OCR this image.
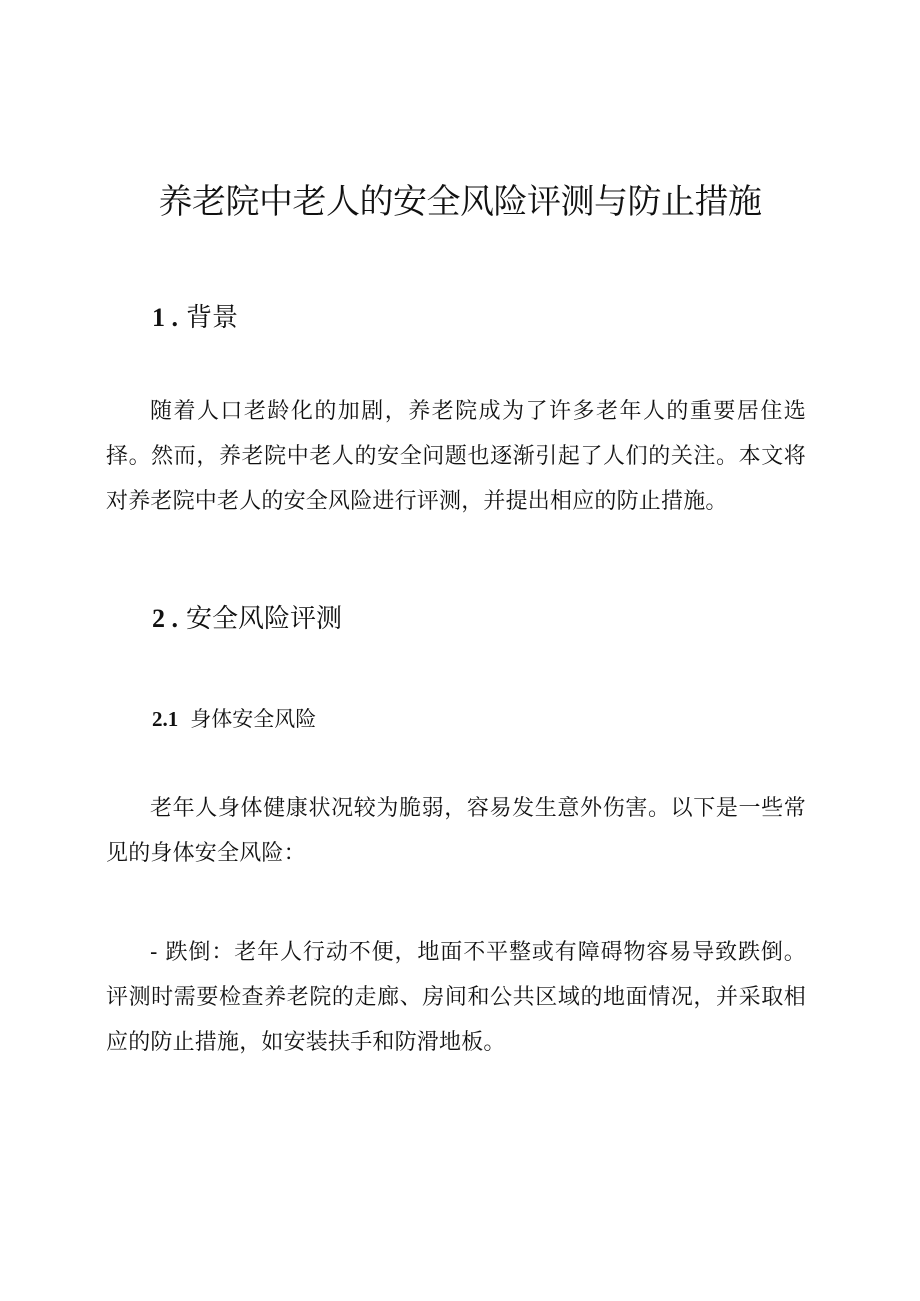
养老院中老人的安全风险评测与防止措施
1 . 背景

随着人口老龄化的加剧，养老院成为了许多老年人的重要居住选择。然而，养老院中老人的安全问题也逐渐引起了人们的关注。本文将对养老院中老人的安全风险进行评测，并提出相应的防止措施。

2 . 安全风险评测
2.1 身体安全风险

老年人身体健康状况较为脆弱，容易发生意外伤害。以下是一些常见的身体安全风险：

- 跌倒：老年人行动不便，地面不平整或有障碍物容易导致跌倒。评测时需要检查养老院的走廊、房间和公共区域的地面情况，并采取相应的防止措施，如安装扶手和防滑地板。
